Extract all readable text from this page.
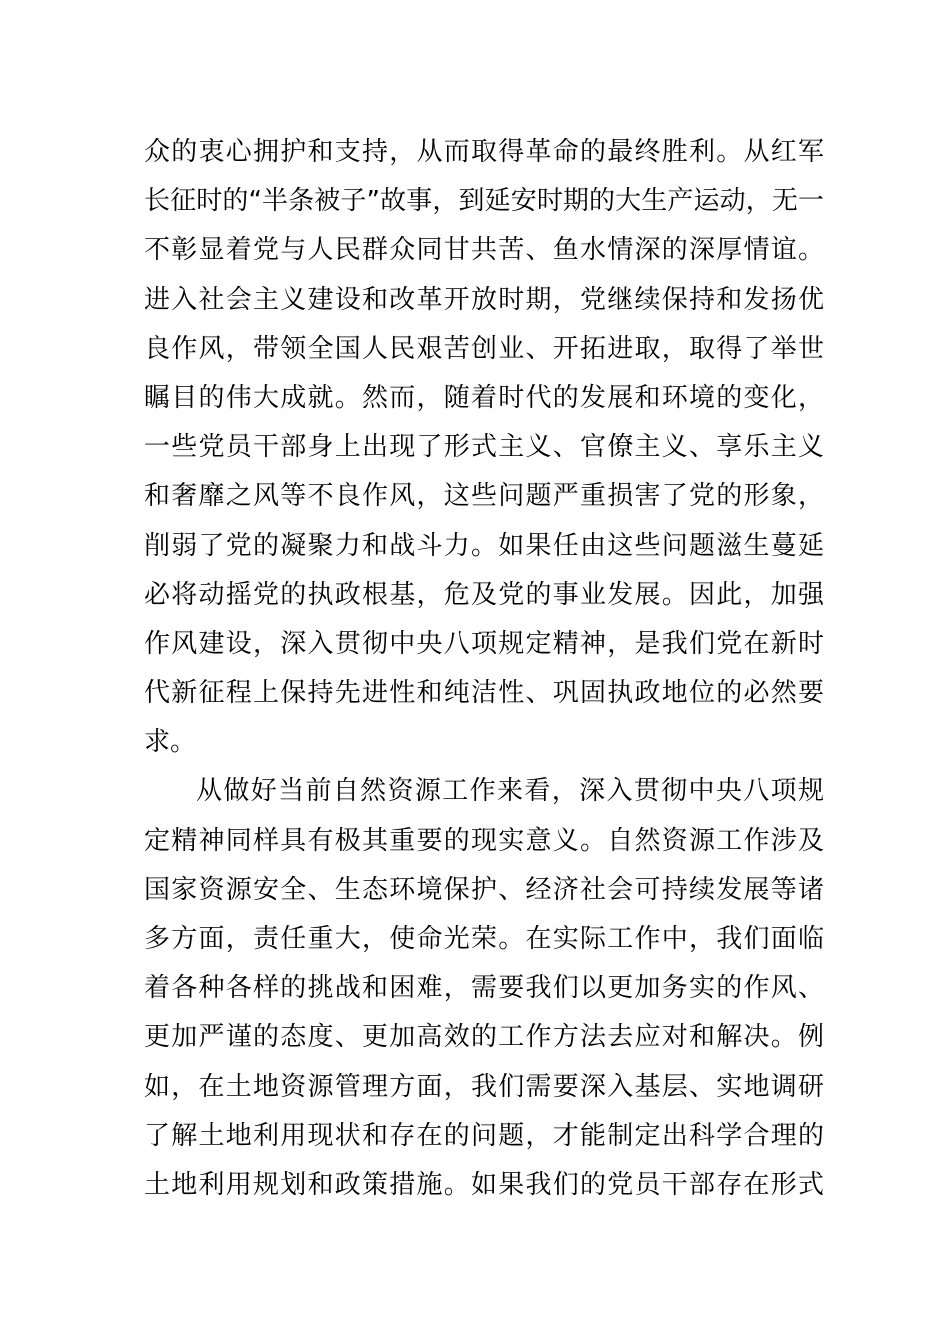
众的衷心拥护和支持，从而取得革命的最终胜利。从红军
长征时的“半条被子”故事，到延安时期的大生产运动，无一
不彰显着党与人民群众同甘共苦、鱼水情深的深厚情谊。
进入社会主义建设和改革开放时期，党继续保持和发扬优
良作风，带领全国人民艰苦创业、开拓进取，取得了举世
瞩目的伟大成就。然而，随着时代的发展和环境的变化，
一些党员干部身上出现了形式主义、官僚主义、享乐主义
和奢靡之风等不良作风，这些问题严重损害了党的形象，
削弱了党的凝聚力和战斗力。如果任由这些问题滋生蔓延
必将动摇党的执政根基，危及党的事业发展。因此，加强
作风建设，深入贯彻中央八项规定精神，是我们党在新时
代新征程上保持先进性和纯洁性、巩固执政地位的必然要
求。
从做好当前自然资源工作来看，深入贯彻中央八项规
定精神同样具有极其重要的现实意义。自然资源工作涉及
国家资源安全、生态环境保护、经济社会可持续发展等诸
多方面，责任重大，使命光荣。在实际工作中，我们面临
着各种各样的挑战和困难，需要我们以更加务实的作风、
更加严谨的态度、更加高效的工作方法去应对和解决。例
如，在土地资源管理方面，我们需要深入基层、实地调研
了解土地利用现状和存在的问题，才能制定出科学合理的
土地利用规划和政策措施。如果我们的党员干部存在形式
